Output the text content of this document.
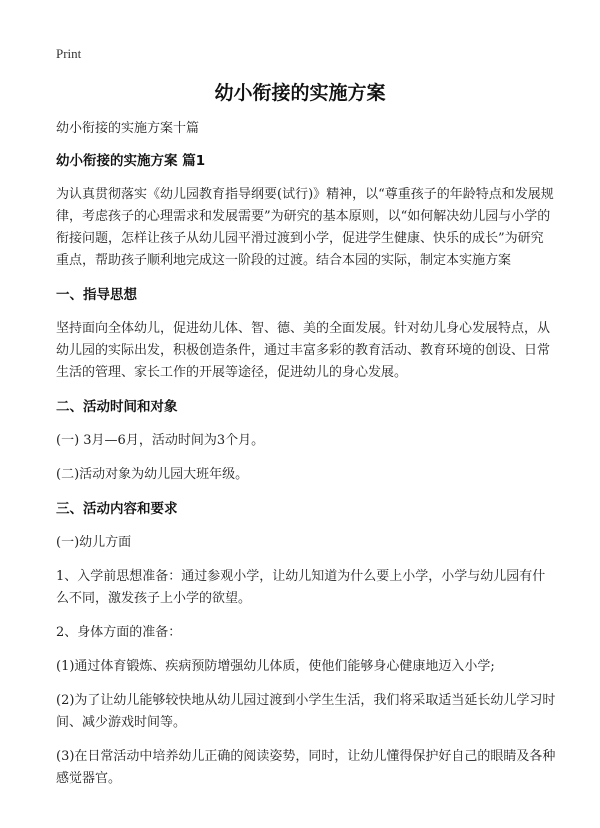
Print
幼小衔接的实施方案

幼小衔接的实施方案十篇

幼小衔接的实施方案 篇1

为认真贯彻落实《幼儿园教育指导纲要(试行)》精神，以“尊重孩子的年龄特点和发展规律，考虑孩子的心理需求和发展需要”为研究的基本原则，以“如何解决幼儿园与小学的衔接问题，怎样让孩子从幼儿园平滑过渡到小学，促进学生健康、快乐的成长”为研究重点，帮助孩子顺利地完成这一阶段的过渡。结合本园的实际，制定本实施方案

一、指导思想

坚持面向全体幼儿，促进幼儿体、智、德、美的全面发展。针对幼儿身心发展特点，从幼儿园的实际出发，积极创造条件，通过丰富多彩的教育活动、教育环境的创设、日常生活的管理、家长工作的开展等途径，促进幼儿的身心发展。

二、活动时间和对象

(一) 3月—6月，活动时间为3个月。

(二)活动对象为幼儿园大班年级。

三、活动内容和要求

(一)幼儿方面

1、入学前思想准备：通过参观小学，让幼儿知道为什么要上小学，小学与幼儿园有什么不同，激发孩子上小学的欲望。

2、身体方面的准备：

(1)通过体育锻炼、疾病预防增强幼儿体质，使他们能够身心健康地迈入小学;

(2)为了让幼儿能够较快地从幼儿园过渡到小学生生活，我们将采取适当延长幼儿学习时间、减少游戏时间等。

(3)在日常活动中培养幼儿正确的阅读姿势，同时，让幼儿懂得保护好自己的眼睛及各种感觉器官。
